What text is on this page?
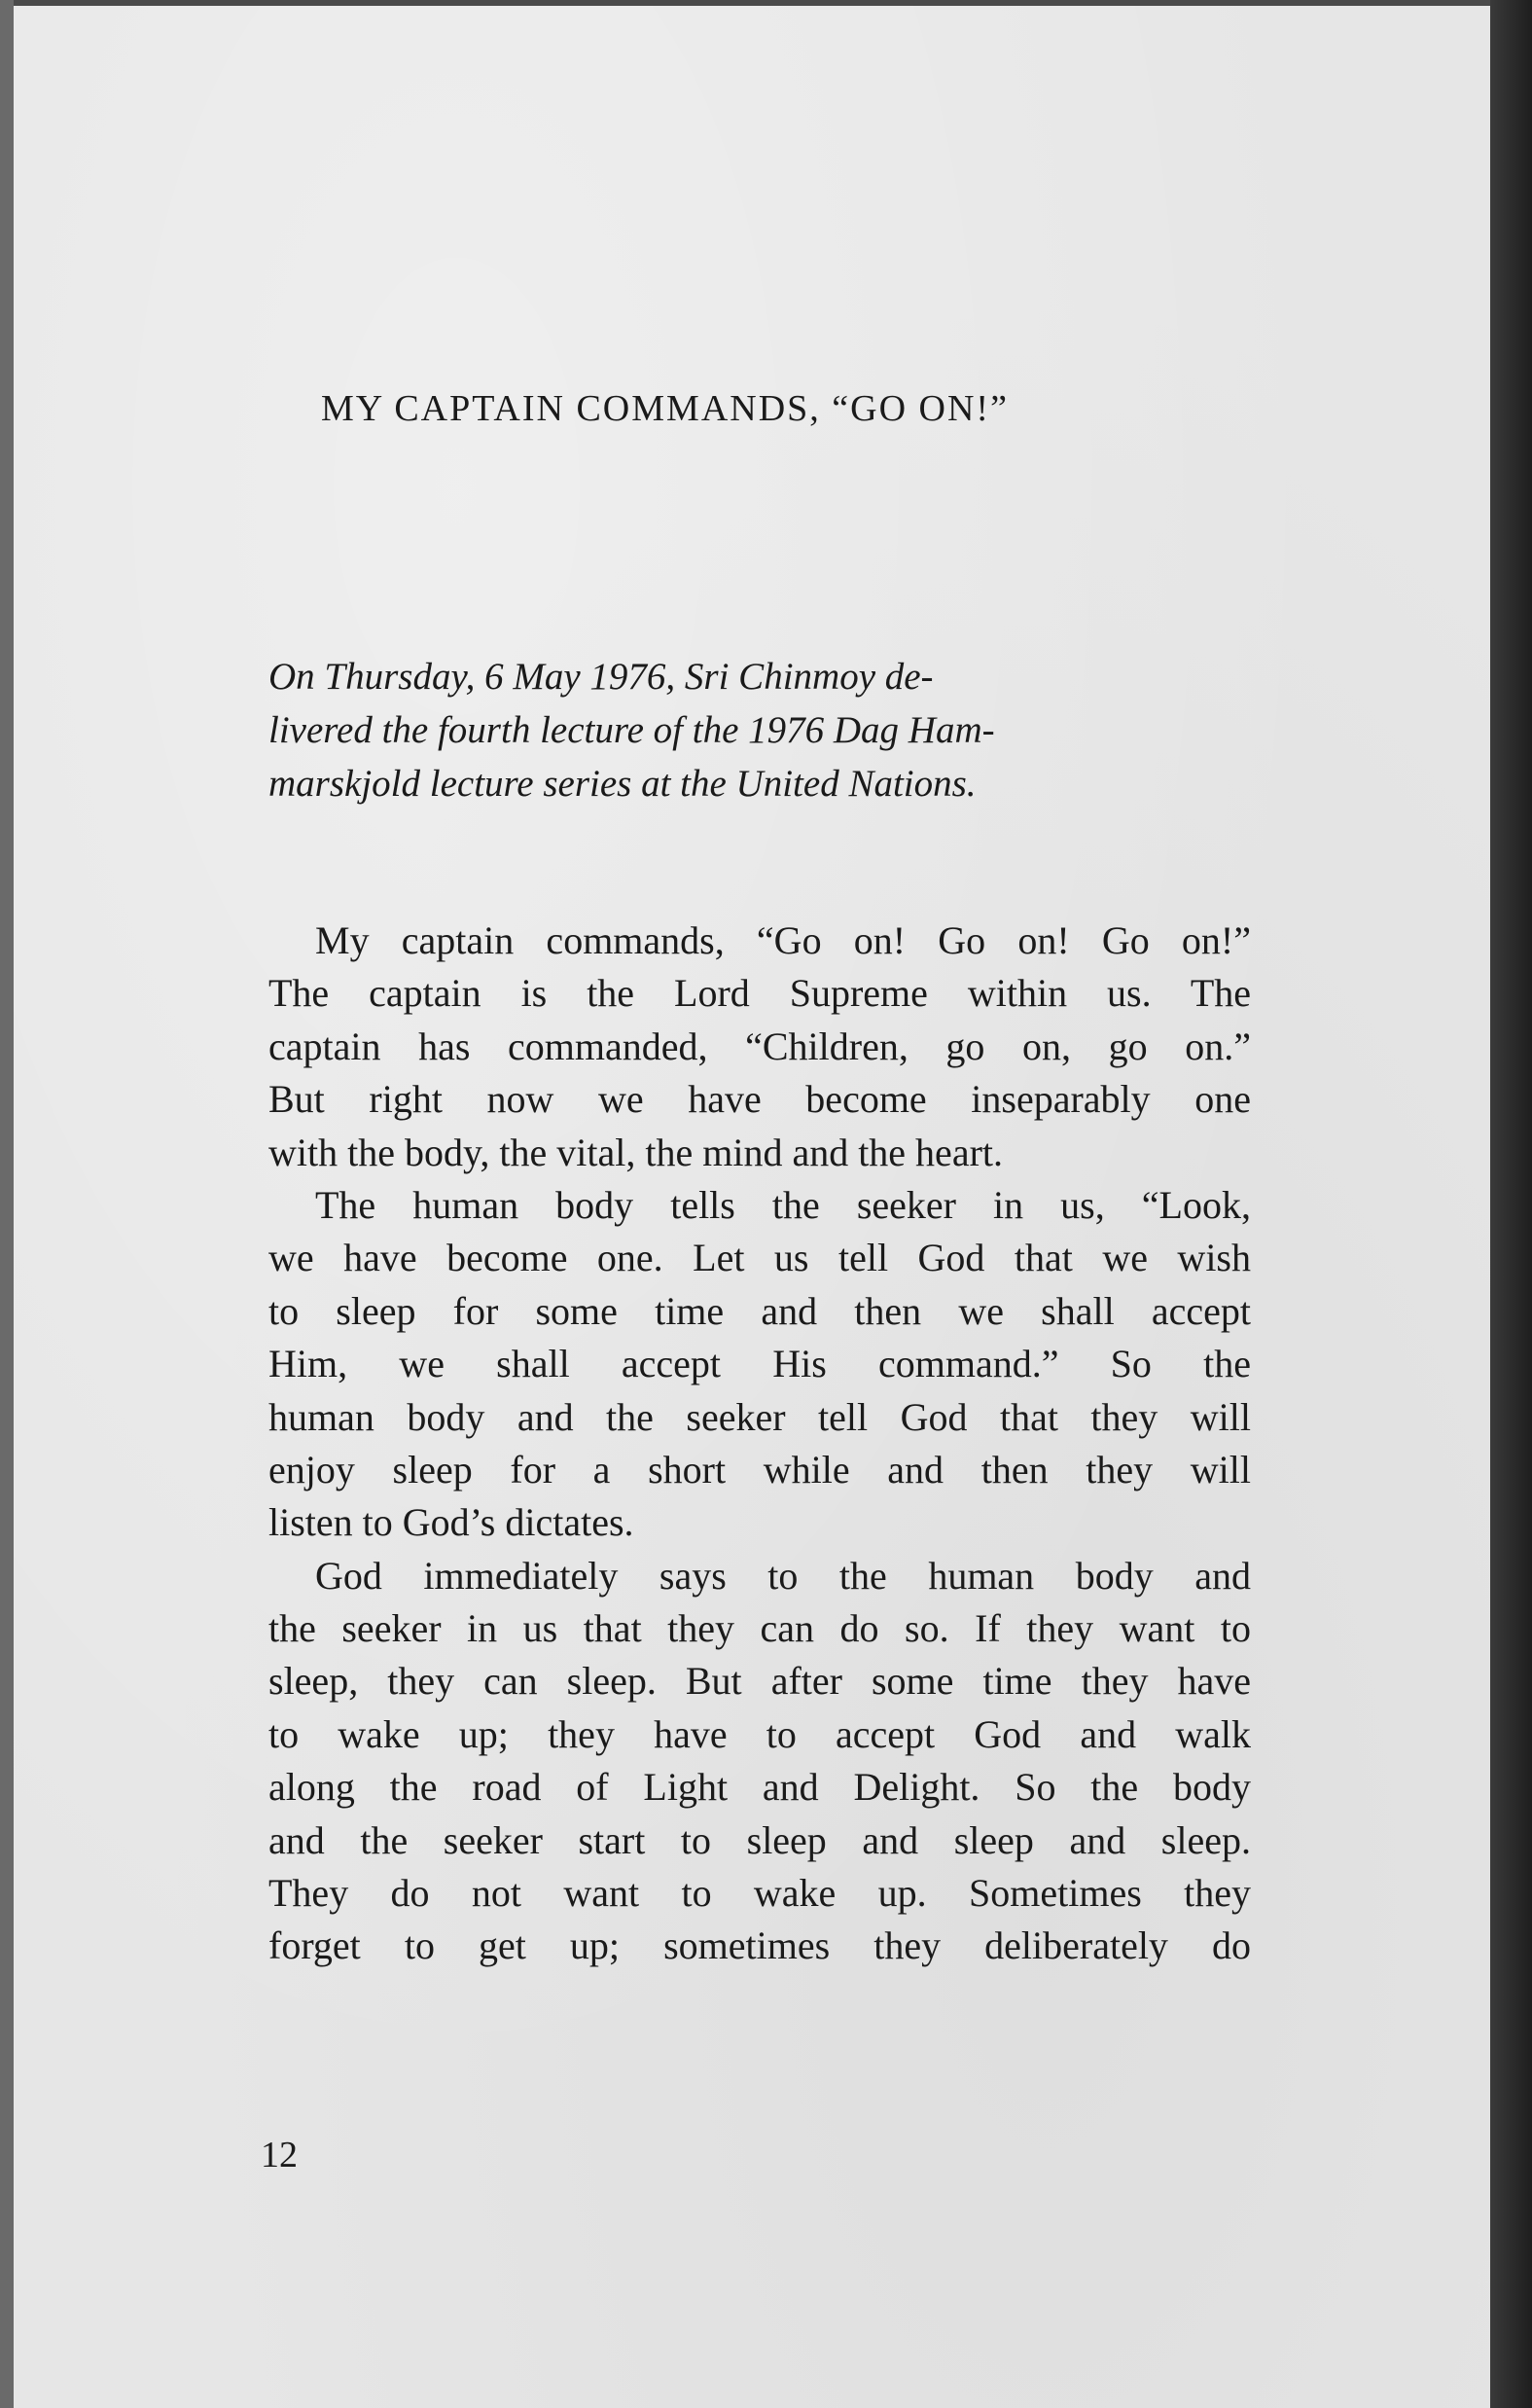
MY CAPTAIN COMMANDS, “GO ON!”
On Thursday, 6 May 1976, Sri Chinmoy de-
livered the fourth lecture of the 1976 Dag Ham-
marskjold lecture series at the United Nations.
My captain commands, “Go on! Go on! Go on!”
The captain is the Lord Supreme within us. The
captain has commanded, “Children, go on, go on.”
But right now we have become inseparably one
with the body, the vital, the mind and the heart.
The human body tells the seeker in us, “Look,
we have become one. Let us tell God that we wish
to sleep for some time and then we shall accept
Him, we shall accept His command.” So the
human body and the seeker tell God that they will
enjoy sleep for a short while and then they will
listen to God’s dictates.
God immediately says to the human body and
the seeker in us that they can do so. If they want to
sleep, they can sleep. But after some time they have
to wake up; they have to accept God and walk
along the road of Light and Delight. So the body
and the seeker start to sleep and sleep and sleep.
They do not want to wake up. Sometimes they
forget to get up; sometimes they deliberately do
12
